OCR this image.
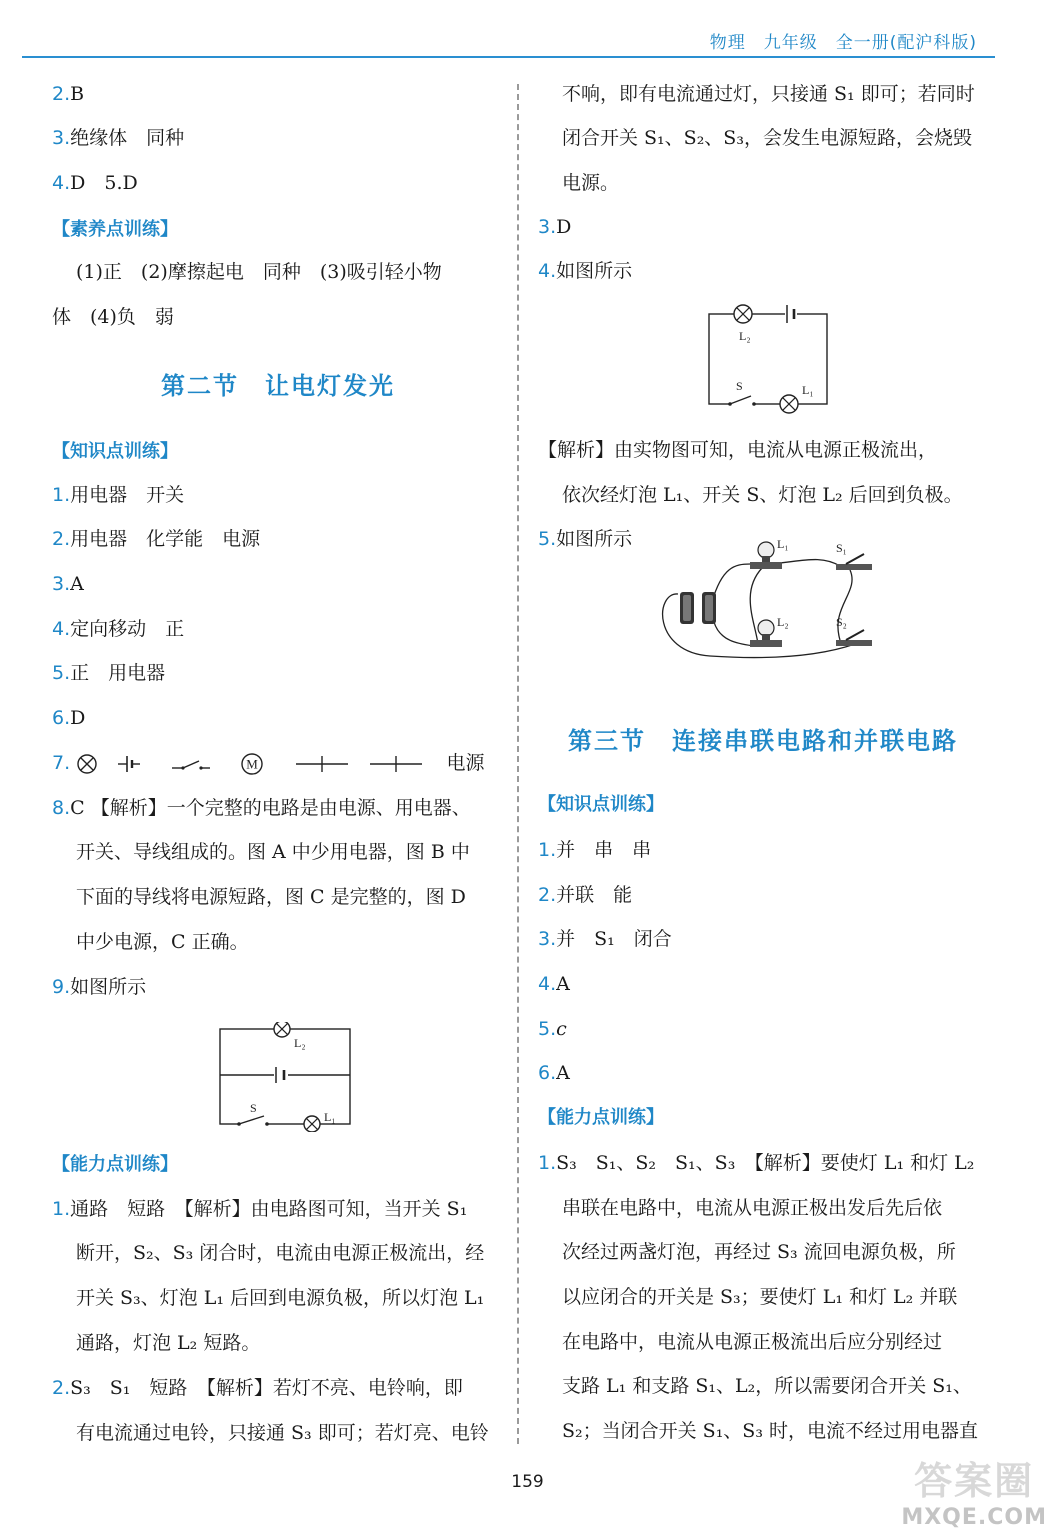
物理　九年级　全一册(配沪科版)
2.B
3.绝缘体　同种
4.D　5.D
【素养点训练】
(1)正　(2)摩擦起电　同种　(3)吸引轻小物
体　(4)负　弱
第二节　让电灯发光
【知识点训练】
1.用电器　开关
2.用电器　化学能　电源
3.A
4.定向移动　正
5.正　用电器
6.D
7.	M	电源
8.C 【解析】一个完整的电路是由电源、用电器、
开关、导线组成的。图 A 中少用电器，图 B 中
下面的导线将电源短路，图 C 是完整的，图 D
中少电源，C 正确。
9.如图所示
L₂
S
L₁
【能力点训练】
1.通路　短路　【解析】由电路图可知，当开关 S₁
断开，S₂、S₃ 闭合时，电流由电源正极流出，经
开关 S₃、灯泡 L₁ 后回到电源负极，所以灯泡 L₁
通路，灯泡 L₂ 短路。
2.S₃　S₁　短路　【解析】若灯不亮、电铃响，即
有电流通过电铃，只接通 S₃ 即可；若灯亮、电铃
不响，即有电流通过灯，只接通 S₁ 即可；若同时
闭合开关 S₁、S₂、S₃，会发生电源短路，会烧毁
电源。
3.D
4.如图所示
L₂
S	L₁
【解析】由实物图可知，电流从电源正极流出，
依次经灯泡 L₁、开关 S、灯泡 L₂ 后回到负极。
5.如图所示	L₁
L₂
S₁
S₂
第三节　连接串联电路和并联电路
【知识点训练】
1.并　串　串
2.并联　能
3.并　S₁　闭合
4.A
5.c
6.A
【能力点训练】
1.S₃　S₁、S₂　S₁、S₃　【解析】要使灯 L₁ 和灯 L₂
串联在电路中，电流从电源正极出发后先后依
次经过两盏灯泡，再经过 S₃ 流回电源负极，所
以应闭合的开关是 S₃；要使灯 L₁ 和灯 L₂ 并联
在电路中，电流从电源正极流出后应分别经过
支路 L₁ 和支路 S₁、L₂，所以需要闭合开关 S₁、
S₂；当闭合开关 S₁、S₃ 时，电流不经过用电器直
159	答案圈
MXQE.COM
